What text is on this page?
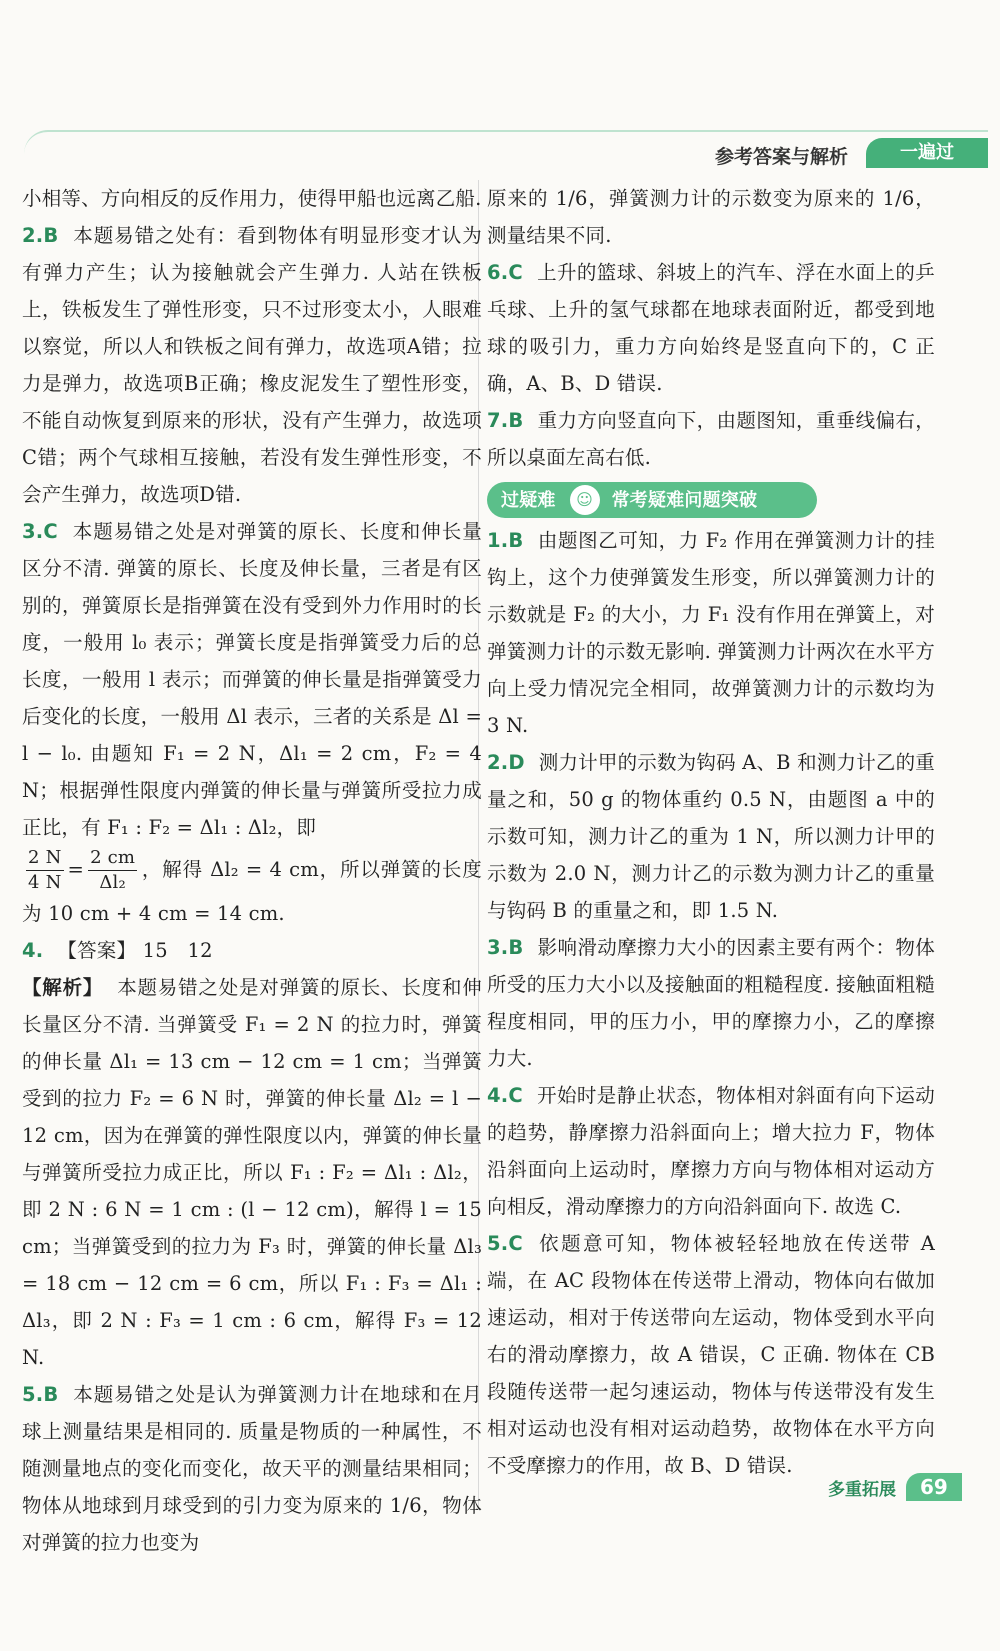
参考答案与解析	一遍过

小相等、方向相反的反作用力，使得甲船也远离乙船.

2.B 本题易错之处有：看到物体有明显形变才认为有弹力产生；认为接触就会产生弹力. 人站在铁板上，铁板发生了弹性形变，只不过形变太小，人眼难以察觉，所以人和铁板之间有弹力，故选项A错；拉力是弹力，故选项B正确；橡皮泥发生了塑性形变，不能自动恢复到原来的形状，没有产生弹力，故选项C错；两个气球相互接触，若没有发生弹性形变，不会产生弹力，故选项D错.

3.C 本题易错之处是对弹簧的原长、长度和伸长量区分不清. 弹簧的原长、长度及伸长量，三者是有区别的，弹簧原长是指弹簧在没有受到外力作用时的长度，一般用 l₀ 表示；弹簧长度是指弹簧受力后的总长度，一般用 l 表示；而弹簧的伸长量是指弹簧受力后变化的长度，一般用 Δl 表示，三者的关系是 Δl = l − l₀. 由题知 F₁ = 2 N，Δl₁ = 2 cm，F₂ = 4 N；根据弹性限度内弹簧的伸长量与弹簧所受拉力成正比，有 F₁ : F₂ = Δl₁ : Δl₂，即

$\frac{2 N}{4 N} = \frac{2 cm}{\text{Δl₂}}$ ，解得 Δl₂ = 4 cm，所以弹簧的长度为 10 cm + 4 cm = 14 cm.

4. 【答案】 15　12

【解析】 本题易错之处是对弹簧的原长、长度和伸长量区分不清. 当弹簧受 F₁ = 2 N 的拉力时，弹簧的伸长量 Δl₁ = 13 cm − 12 cm = 1 cm；当弹簧受到的拉力 F₂ = 6 N 时，弹簧的伸长量 Δl₂ = l − 12 cm，因为在弹簧的弹性限度以内，弹簧的伸长量与弹簧所受拉力成正比，所以 F₁ : F₂ = Δl₁ : Δl₂，即 2 N : 6 N = 1 cm : (l − 12 cm)，解得 l = 15 cm；当弹簧受到的拉力为 F₃ 时，弹簧的伸长量 Δl₃ = 18 cm − 12 cm = 6 cm，所以 F₁ : F₃ = Δl₁ : Δl₃，即 2 N : F₃ = 1 cm : 6 cm，解得 F₃ = 12 N.

5.B 本题易错之处是认为弹簧测力计在地球和在月球上测量结果是相同的. 质量是物质的一种属性，不随测量地点的变化而变化，故天平的测量结果相同；物体从地球到月球受到的引力变为原来的 1/6，物体对弹簧的拉力也变为

原来的 1/6，弹簧测力计的示数变为原来的 1/6，测量结果不同.

6.C 上升的篮球、斜坡上的汽车、浮在水面上的乒乓球、上升的氢气球都在地球表面附近，都受到地球的吸引力，重力方向始终是竖直向下的，C 正确，A、B、D 错误.

7.B 重力方向竖直向下，由题图知，重垂线偏右，所以桌面左高右低.

过疑难	☺	常考疑难问题突破

1.B 由题图乙可知，力 F₂ 作用在弹簧测力计的挂钩上，这个力使弹簧发生形变，所以弹簧测力计的示数就是 F₂ 的大小，力 F₁ 没有作用在弹簧上，对弹簧测力计的示数无影响. 弹簧测力计两次在水平方向上受力情况完全相同，故弹簧测力计的示数均为 3 N.

2.D 测力计甲的示数为钩码 A、B 和测力计乙的重量之和，50 g 的物体重约 0.5 N，由题图 a 中的示数可知，测力计乙的重为 1 N，所以测力计甲的示数为 2.0 N，测力计乙的示数为测力计乙的重量与钩码 B 的重量之和，即 1.5 N.

3.B 影响滑动摩擦力大小的因素主要有两个：物体所受的压力大小以及接触面的粗糙程度. 接触面粗糙程度相同，甲的压力小，甲的摩擦力小，乙的摩擦力大.

4.C 开始时是静止状态，物体相对斜面有向下运动的趋势，静摩擦力沿斜面向上；增大拉力 F，物体沿斜面向上运动时，摩擦力方向与物体相对运动方向相反，滑动摩擦力的方向沿斜面向下. 故选 C.

5.C 依题意可知，物体被轻轻地放在传送带 A 端，在 AC 段物体在传送带上滑动，物体向右做加速运动，相对于传送带向左运动，物体受到水平向右的滑动摩擦力，故 A 错误，C 正确. 物体在 CB 段随传送带一起匀速运动，物体与传送带没有发生相对运动也没有相对运动趋势，故物体在水平方向不受摩擦力的作用，故 B、D 错误.

多重拓展	69
